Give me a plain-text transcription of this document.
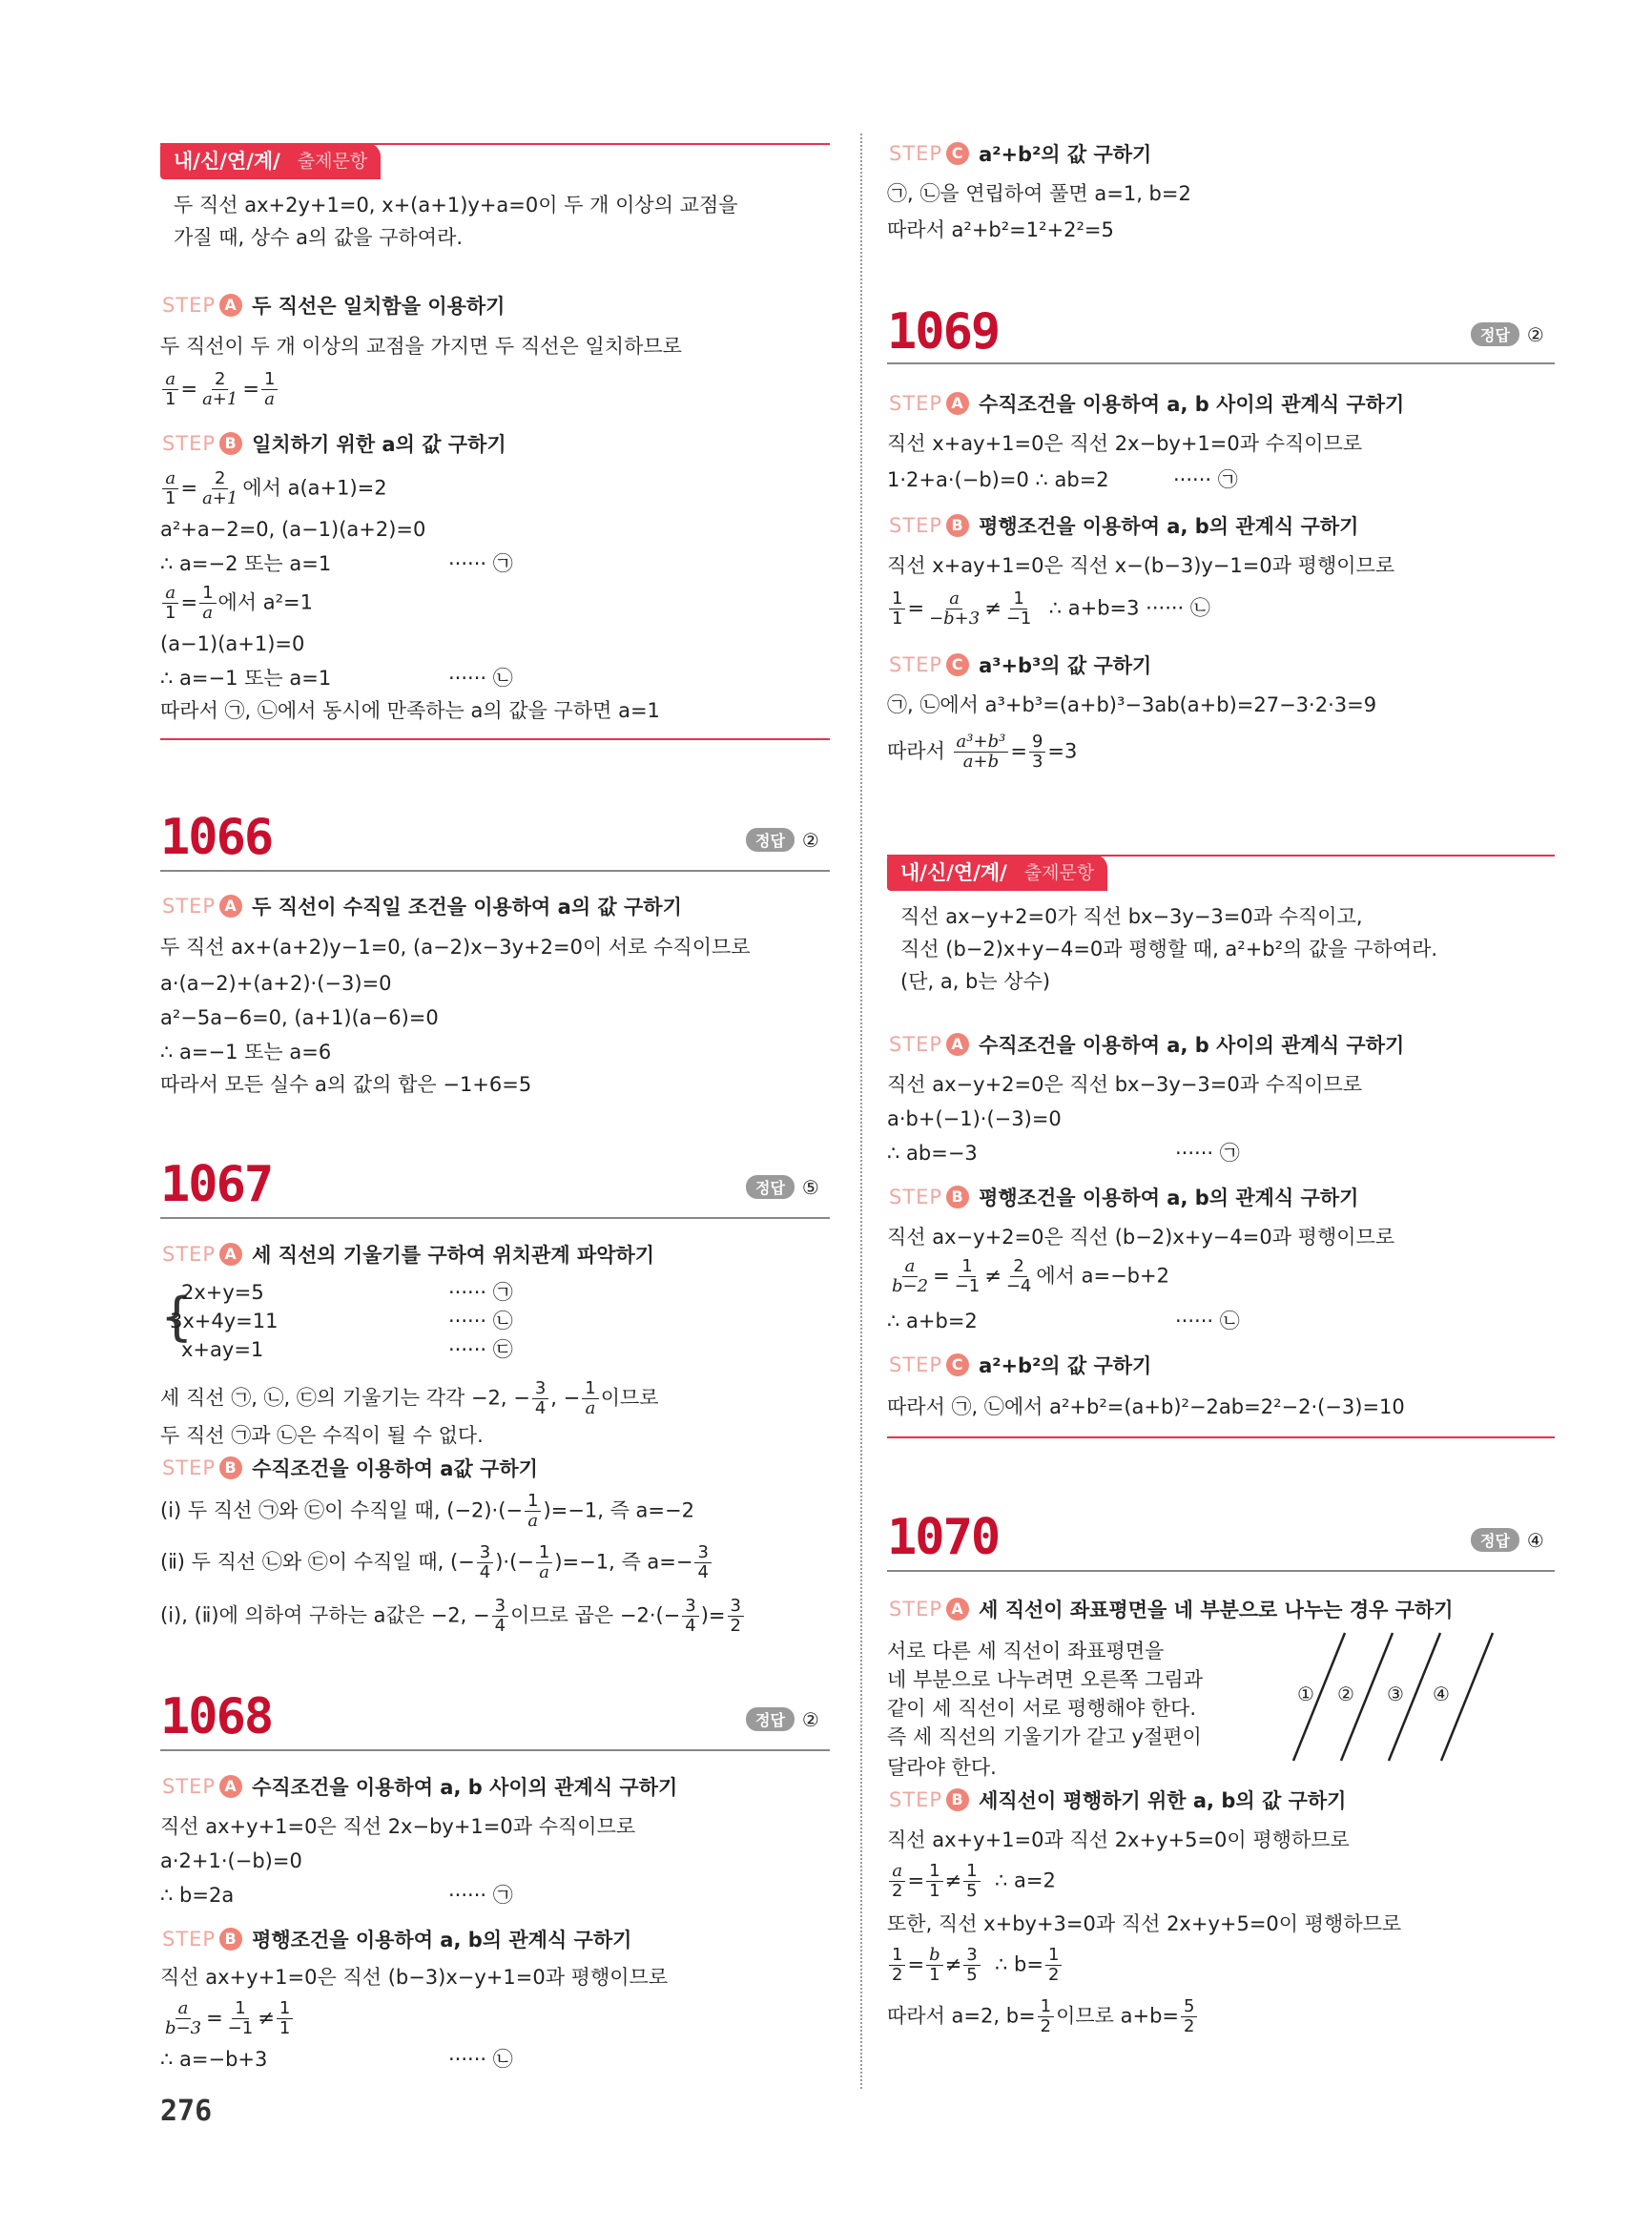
내/신/연/계/ 출제문항
두 직선 ax+2y+1=0, x+(a+1)y+a=0이 두 개 이상의 교점을
가질 때, 상수 a의 값을 구하여라.
STEP A 두 직선은 일치함을 이용하기
두 직선이 두 개 이상의 교점을 가지면 두 직선은 일치하므로
$\frac{a}{1} = \frac{2}{a+1} = \frac{1}{a}$
STEP B 일치하기 위한 a의 값 구하기
$\frac{a}{1} = \frac{2}{a+1}$ 에서 a(a+1)=2
a²+a−2=0, (a−1)(a+2)=0
∴ a=−2 또는 a=1	······ ㉠
$\frac{a}{1} = \frac{1}{a}$ 에서 a²=1
(a−1)(a+1)=0
∴ a=−1 또는 a=1	······ ㉡
따라서 ㉠, ㉡에서 동시에 만족하는 a의 값을 구하면 a=1
1066	정답 ②
STEP A 두 직선이 수직일 조건을 이용하여 a의 값 구하기
두 직선 ax+(a+2)y−1=0, (a−2)x−3y+2=0이 서로 수직이므로
a·(a−2)+(a+2)·(−3)=0
a²−5a−6=0, (a+1)(a−6)=0
∴ a=−1 또는 a=6
따라서 모든 실수 a의 값의 합은 −1+6=5
1067	정답 ⑤
STEP A 세 직선의 기울기를 구하여 위치관계 파악하기
{
2x+y=5	······ ㉠
3x+4y=11	······ ㉡
x+ay=1	······ ㉢
세 직선 ㉠, ㉡, ㉢의 기울기는 각각 −2, − $\frac{3}{4}$ , − $\frac{1}{a}$ 이므로
두 직선 ㉠과 ㉡은 수직이 될 수 없다.
STEP B 수직조건을 이용하여 a값 구하기
(ⅰ) 두 직선 ㉠와 ㉢이 수직일 때, $(-2)\cdot(- \frac{1}{a} )=-1$, 즉 a=−2
(ⅱ) 두 직선 ㉡와 ㉢이 수직일 때, (− $\frac{3}{4}$ )·(− $\frac{1}{a} )=-1$, 즉 $a=- \frac{3}{4}$
(ⅰ), (ⅱ)에 의하여 구하는 a값은 −2, − $\frac{3}{4}$ 이므로 곱은 $-2\cdot(- \frac{3}{4}$ )= $\frac{3}{2}$
1068	정답 ②
STEP A 수직조건을 이용하여 a, b 사이의 관계식 구하기
직선 ax+y+1=0은 직선 2x−by+1=0과 수직이므로
a·2+1·(−b)=0
∴ b=2a	······ ㉠
STEP B 평행조건을 이용하여 a, b의 관계식 구하기
직선 ax+y+1=0은 직선 (b−3)x−y+1=0과 평행이므로
$\frac{a}{b-3} = \frac{1}{-1} \ne \frac{1}{1}$
∴ a=−b+3	······ ㉡
276
STEP C a²+b²의 값 구하기
㉠, ㉡을 연립하여 풀면 a=1, b=2
따라서 a²+b²=1²+2²=5
1069	정답 ②
STEP A 수직조건을 이용하여 a, b 사이의 관계식 구하기
직선 x+ay+1=0은 직선 2x−by+1=0과 수직이므로
1·2+a·(−b)=0 ∴ ab=2	······ ㉠
STEP B 평행조건을 이용하여 a, b의 관계식 구하기
직선 x+ay+1=0은 직선 x−(b−3)y−1=0과 평행이므로
$\frac{1}{1} = \frac{a}{-b+3} \ne \frac{1}{-1}$ ∴ a+b=3 ······ ㉡
STEP C a³+b³의 값 구하기
㉠, ㉡에서 a³+b³=(a+b)³−3ab(a+b)=27−3·2·3=9
따라서 $\frac{\text{a³+b³}}{a+b} = \frac{9}{3} =3$
내/신/연/계/ 출제문항
직선 ax−y+2=0가 직선 bx−3y−3=0과 수직이고,
직선 (b−2)x+y−4=0과 평행할 때, a²+b²의 값을 구하여라.
(단, a, b는 상수)
STEP A 수직조건을 이용하여 a, b 사이의 관계식 구하기
직선 ax−y+2=0은 직선 bx−3y−3=0과 수직이므로
a·b+(−1)·(−3)=0
∴ ab=−3	······ ㉠
STEP B 평행조건을 이용하여 a, b의 관계식 구하기
직선 ax−y+2=0은 직선 (b−2)x+y−4=0과 평행이므로
$\frac{a}{b-2} = \frac{1}{-1} \ne \frac{2}{-4}$ 에서 a=−b+2
∴ a+b=2	······ ㉡
STEP C a²+b²의 값 구하기
따라서 ㉠, ㉡에서 a²+b²=(a+b)²−2ab=2²−2·(−3)=10
1070	정답 ④
STEP A 세 직선이 좌표평면을 네 부분으로 나누는 경우 구하기
서로 다른 세 직선이 좌표평면을
네 부분으로 나누려면 오른쪽 그림과
같이 세 직선이 서로 평행해야 한다.
즉 세 직선의 기울기가 같고 y절편이
달라야 한다.
① ② ③ ④
STEP B 세직선이 평행하기 위한 a, b의 값 구하기
직선 ax+y+1=0과 직선 2x+y+5=0이 평행하므로
$\frac{a}{2} = \frac{1}{1} \ne \frac{1}{5}$ ∴ a=2
또한, 직선 x+by+3=0과 직선 2x+y+5=0이 평행하므로
$\frac{1}{2} = \frac{b}{1} \ne \frac{3}{5}$ ∴ $b= \frac{1}{2}$
따라서 a=2, $b= \frac{1}{2}$ 이므로 $a+b= \frac{5}{2}$
